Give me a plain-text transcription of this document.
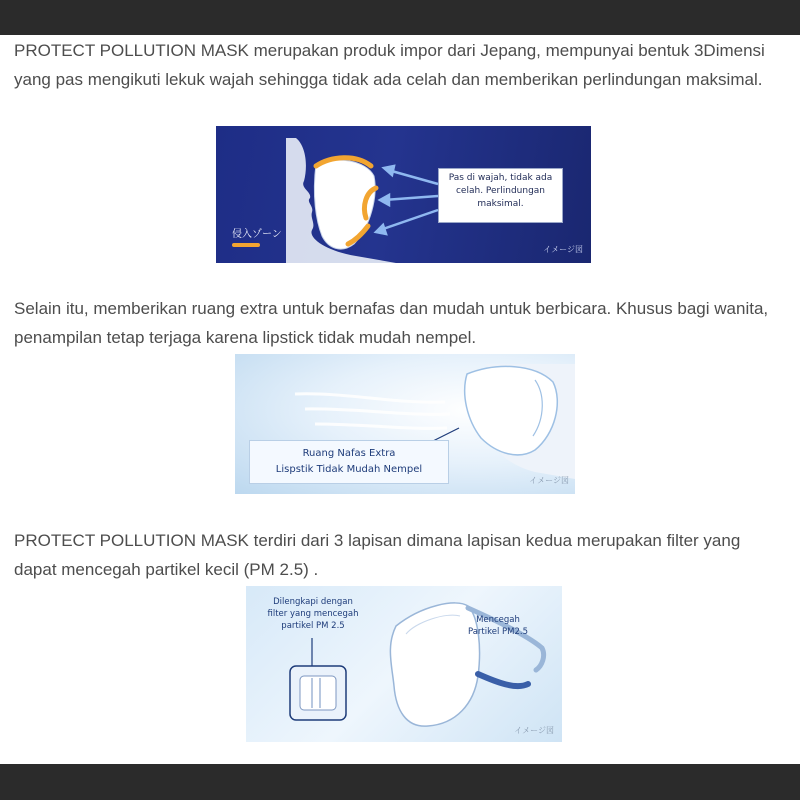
PROTECT POLLUTION MASK merupakan produk impor dari Jepang, mempunyai bentuk 3Dimensi yang pas mengikuti lekuk wajah sehingga tidak ada celah dan memberikan perlindungan maksimal.

Pas di wajah, tidak ada
celah. Perlindungan
maksimal.
侵入ゾーン
イメージ図

Selain itu, memberikan ruang extra untuk bernafas dan mudah untuk berbicara. Khusus bagi wanita, penampilan tetap terjaga karena lipstick tidak mudah nempel.

Ruang Nafas Extra
Lispstik Tidak Mudah Nempel
イメージ図

PROTECT POLLUTION MASK terdiri dari 3 lapisan dimana lapisan kedua merupakan filter yang dapat mencegah partikel kecil (PM 2.5) .

Dilengkapi dengan
filter yang mencegah
partikel PM 2.5
Mencegah
Partikel PM2.5
イメージ図
